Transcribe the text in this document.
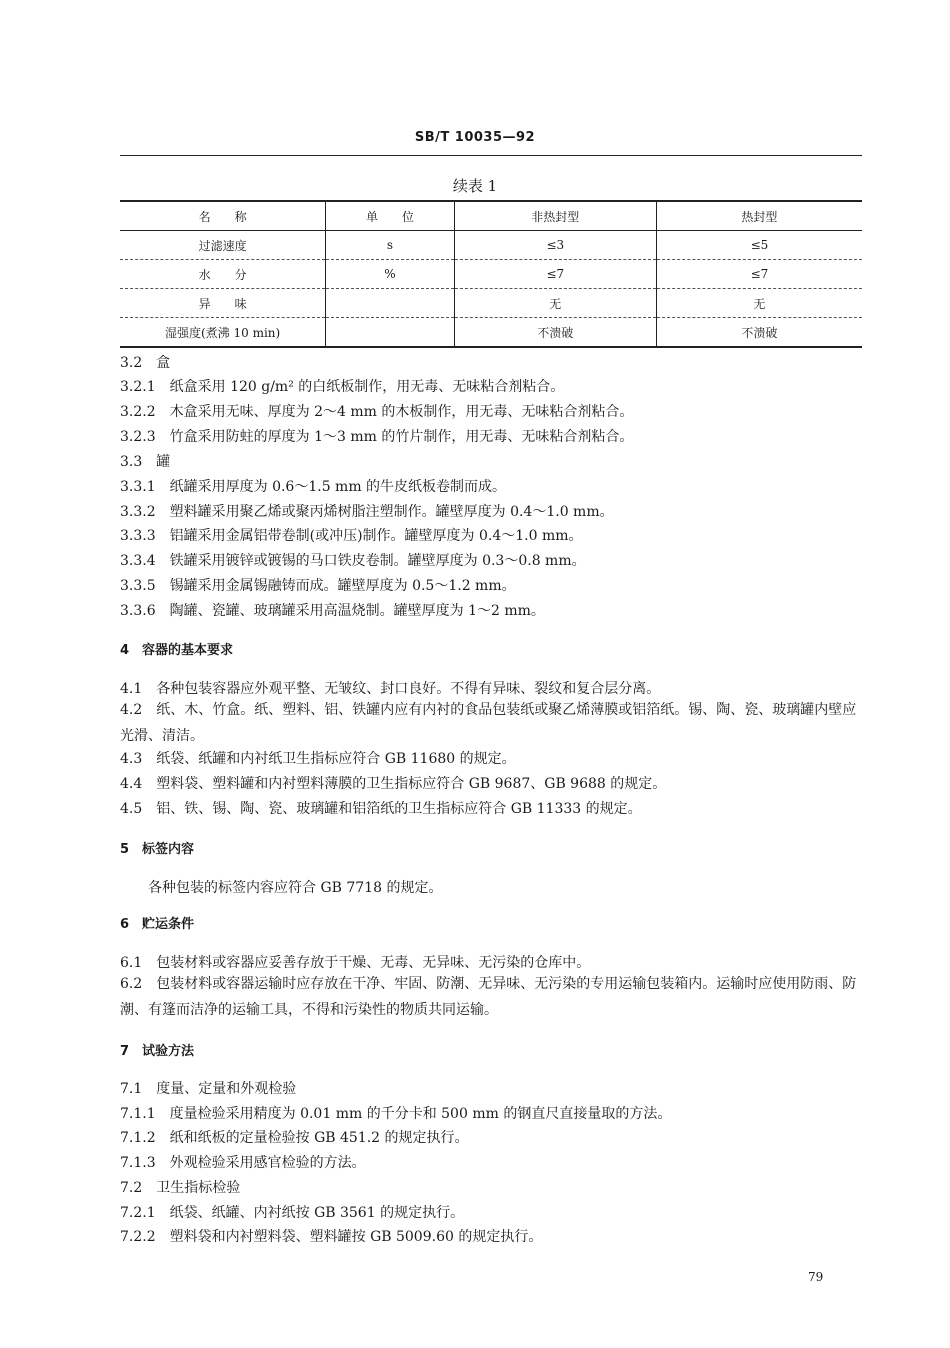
SB/T 10035—92
续表 1
名　　称	单　　位	非热封型	热封型
过滤速度	s	≤3	≤5
水　　分	%	≤7	≤7
异　　味		无	无
湿强度(煮沸 10 min)		不溃破	不溃破
3.2　盒
3.2.1　纸盒采用 120 g/m² 的白纸板制作，用无毒、无味粘合剂粘合。
3.2.2　木盒采用无味、厚度为 2～4 mm 的木板制作，用无毒、无味粘合剂粘合。
3.2.3　竹盒采用防蛀的厚度为 1～3 mm 的竹片制作，用无毒、无味粘合剂粘合。
3.3　罐
3.3.1　纸罐采用厚度为 0.6～1.5 mm 的牛皮纸板卷制而成。
3.3.2　塑料罐采用聚乙烯或聚丙烯树脂注塑制作。罐壁厚度为 0.4～1.0 mm。
3.3.3　铝罐采用金属铝带卷制(或冲压)制作。罐壁厚度为 0.4～1.0 mm。
3.3.4　铁罐采用镀锌或镀锡的马口铁皮卷制。罐壁厚度为 0.3～0.8 mm。
3.3.5　锡罐采用金属锡融铸而成。罐壁厚度为 0.5～1.2 mm。
3.3.6　陶罐、瓷罐、玻璃罐采用高温烧制。罐壁厚度为 1～2 mm。
4　容器的基本要求
4.1　各种包装容器应外观平整、无皱纹、封口良好。不得有异味、裂纹和复合层分离。
4.2　纸、木、竹盒。纸、塑料、铝、铁罐内应有内衬的食品包装纸或聚乙烯薄膜或铝箔纸。锡、陶、瓷、玻璃罐内壁应光滑、清洁。
4.3　纸袋、纸罐和内衬纸卫生指标应符合 GB 11680 的规定。
4.4　塑料袋、塑料罐和内衬塑料薄膜的卫生指标应符合 GB 9687、GB 9688 的规定。
4.5　铝、铁、锡、陶、瓷、玻璃罐和铝箔纸的卫生指标应符合 GB 11333 的规定。
5　标签内容
各种包装的标签内容应符合 GB 7718 的规定。
6　贮运条件
6.1　包装材料或容器应妥善存放于干燥、无毒、无异味、无污染的仓库中。
6.2　包装材料或容器运输时应存放在干净、牢固、防潮、无异味、无污染的专用运输包装箱内。运输时应使用防雨、防潮、有篷而洁净的运输工具，不得和污染性的物质共同运输。
7　试验方法
7.1　度量、定量和外观检验
7.1.1　度量检验采用精度为 0.01 mm 的千分卡和 500 mm 的钢直尺直接量取的方法。
7.1.2　纸和纸板的定量检验按 GB 451.2 的规定执行。
7.1.3　外观检验采用感官检验的方法。
7.2　卫生指标检验
7.2.1　纸袋、纸罐、内衬纸按 GB 3561 的规定执行。
7.2.2　塑料袋和内衬塑料袋、塑料罐按 GB 5009.60 的规定执行。
79
